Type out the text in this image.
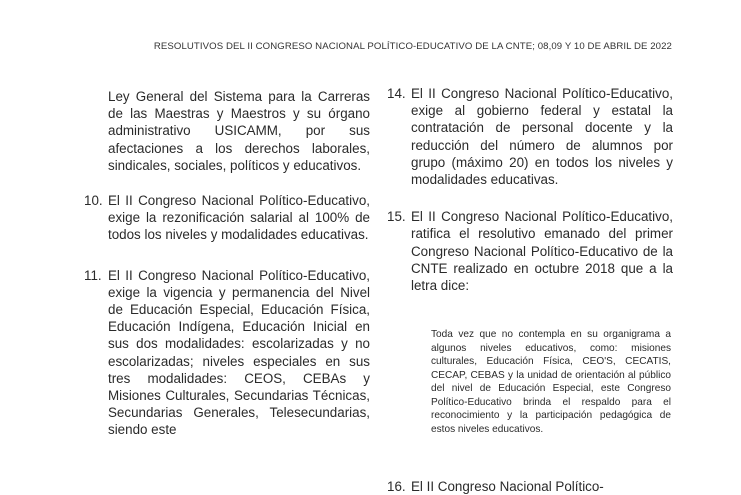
RESOLUTIVOS DEL II CONGRESO NACIONAL POLÍTICO-EDUCATIVO DE LA CNTE; 08,09 Y 10 DE ABRIL DE 2022

Ley General del Sistema para la Carreras de las Maestras y Maestros y su órgano administrativo USICAMM, por sus afectaciones a los derechos laborales, sindicales, sociales, políticos y educativos.

10. El II Congreso Nacional Político-Educativo, exige la rezonificación salarial al 100% de todos los niveles y modalidades educativas.
11. El II Congreso Nacional Político-Educativo, exige la vigencia y permanencia del Nivel de Educación Especial, Educación Física, Educación Indígena, Educación Inicial en sus dos modalidades: escolarizadas y no escolarizadas; niveles especiales en sus tres modalidades: CEOS, CEBAs y Misiones Culturales, Secundarias Técnicas, Secundarias Generales, Telesecundarias, siendo este
14. El II Congreso Nacional Político-Educativo, exige al gobierno federal y estatal la contratación de personal docente y la reducción del número de alumnos por grupo (máximo 20) en todos los niveles y modalidades educativas.
15. El II Congreso Nacional Político-Educativo, ratifica el resolutivo emanado del primer Congreso Nacional Político-Educativo de la CNTE realizado en octubre 2018 que a la letra dice:
16. El II Congreso Nacional Político-

Toda vez que no contempla en su organigrama a algunos niveles educativos, como: misiones culturales, Educación Física, CEO'S, CECATIS, CECAP, CEBAS y la unidad de orientación al público del nivel de Educación Especial, este Congreso Político-Educativo brinda el respaldo para el reconocimiento y la participación pedagógica de estos niveles educativos.
